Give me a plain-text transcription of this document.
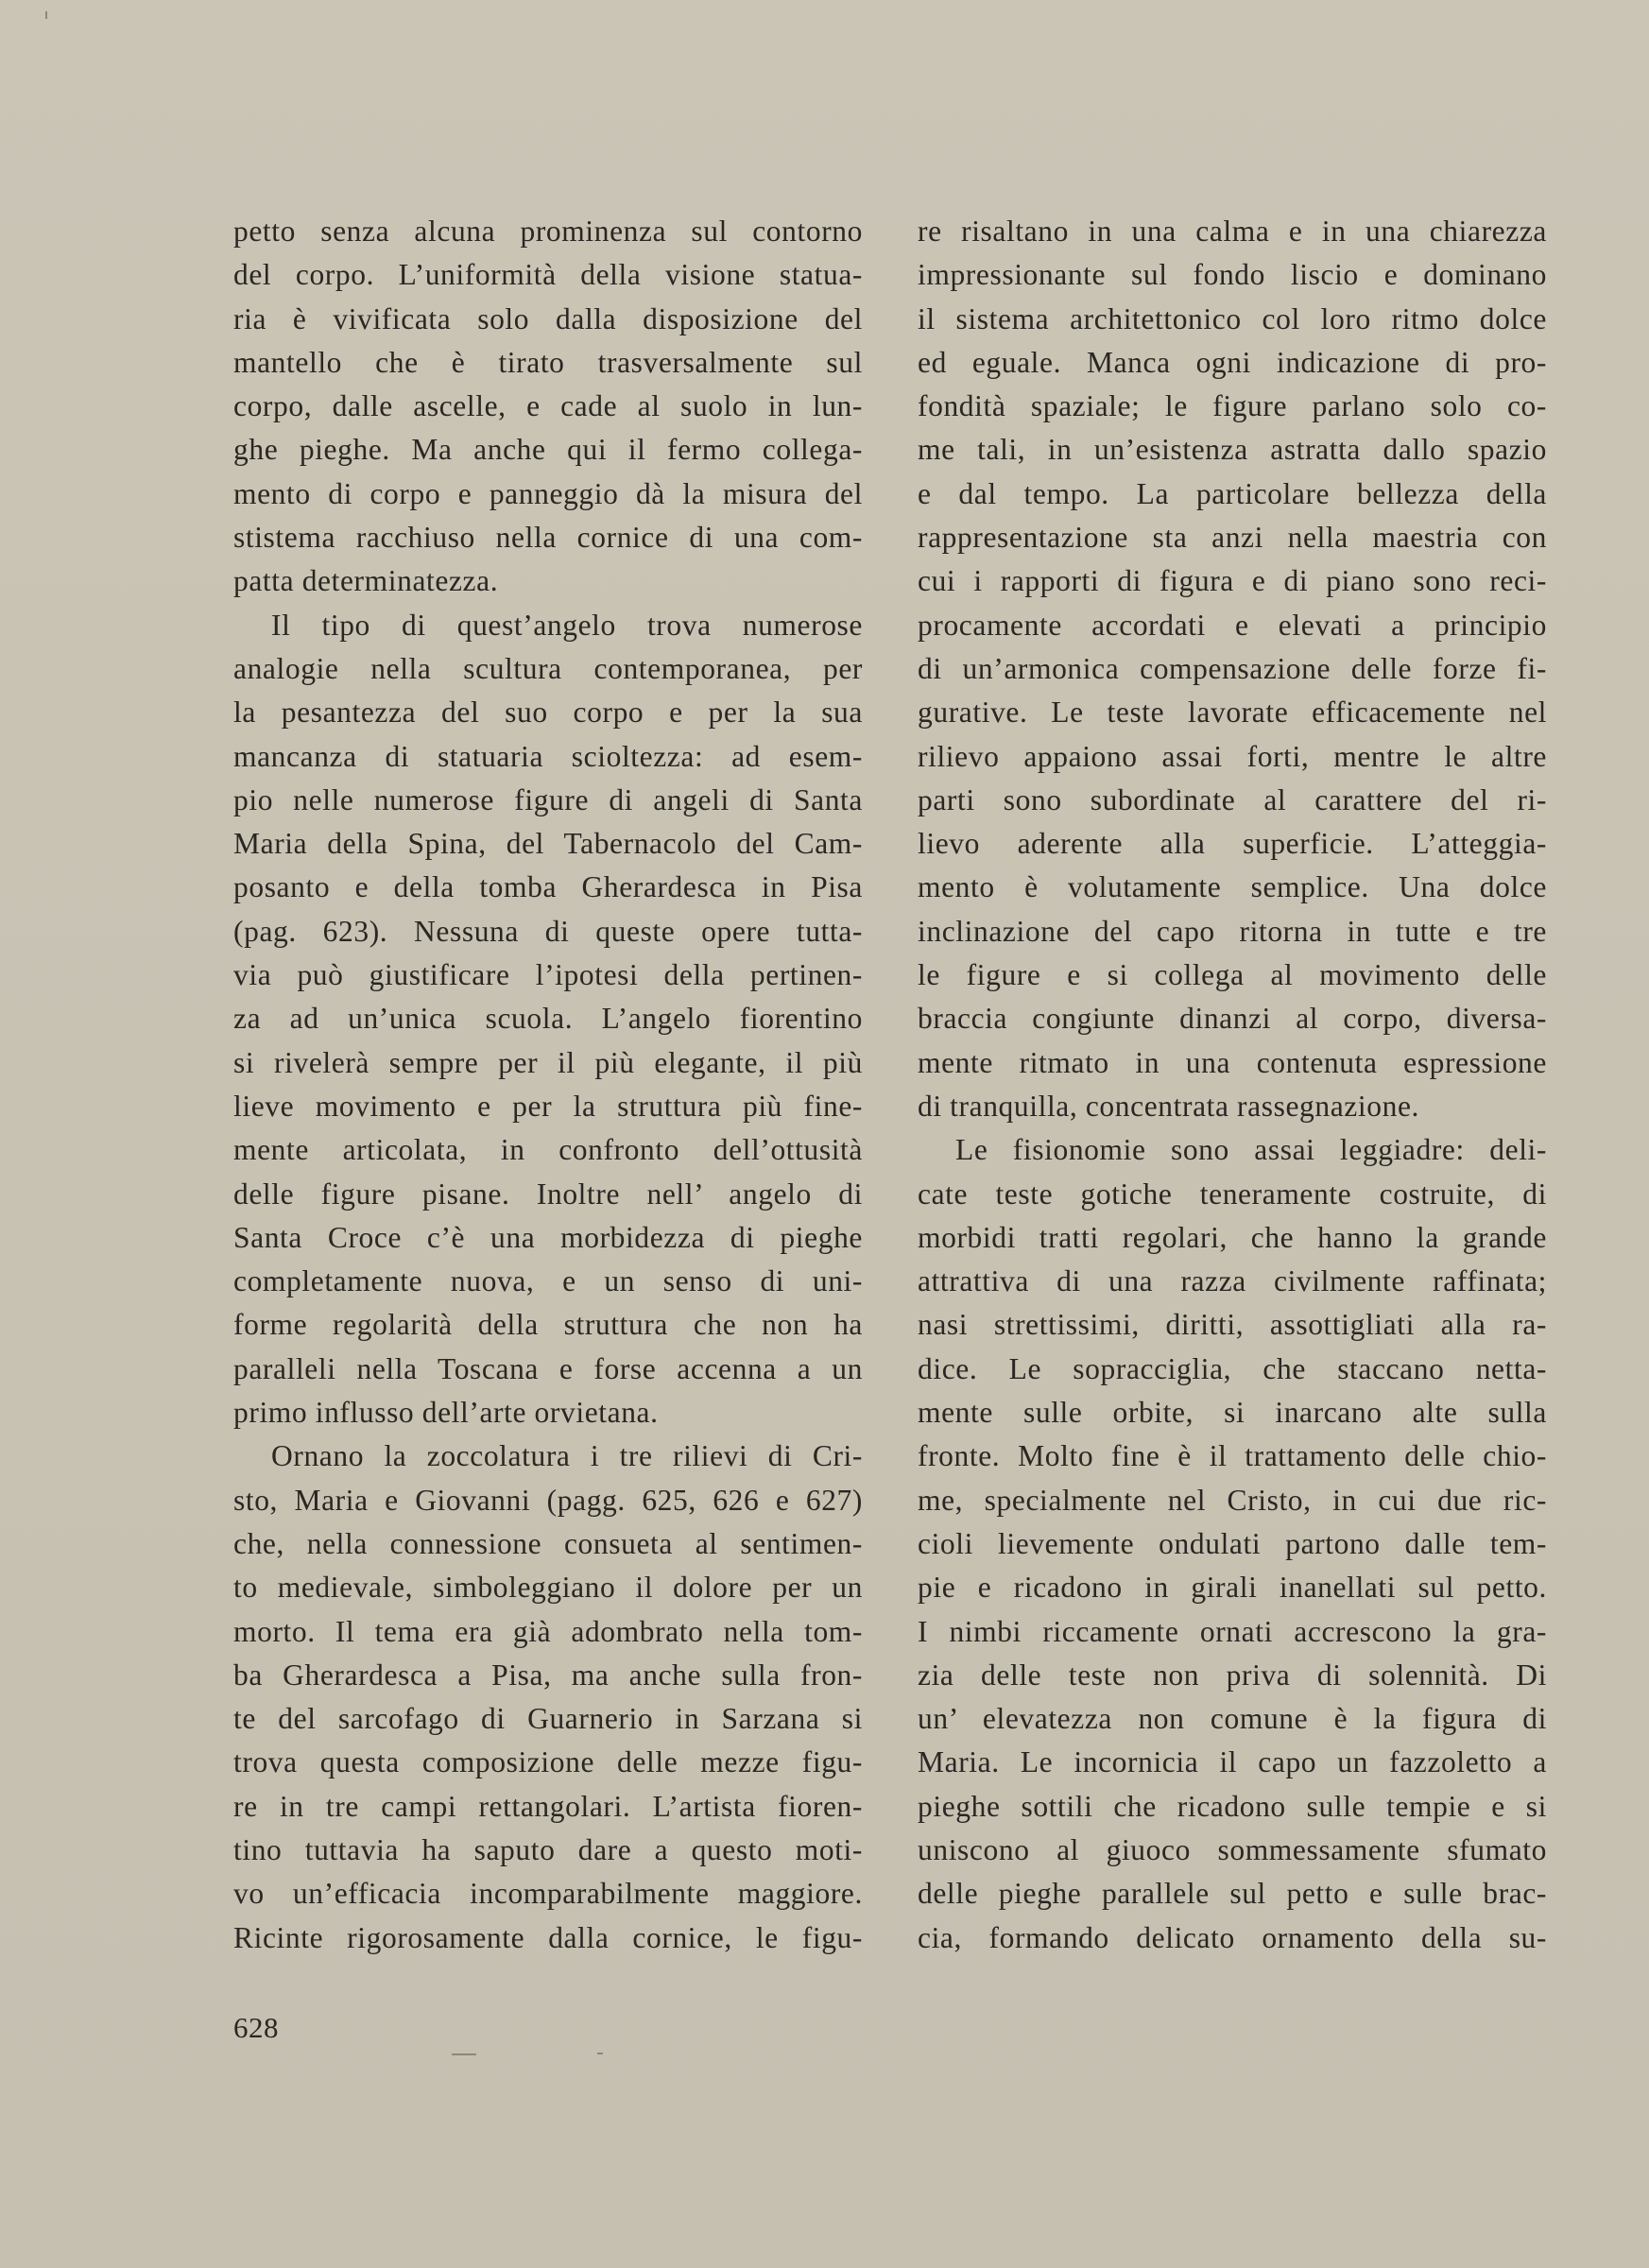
petto senza alcuna prominenza sul contorno
del corpo. L’uniformità della visione statua-
ria è vivificata solo dalla disposizione del
mantello che è tirato trasversalmente sul
corpo, dalle ascelle, e cade al suolo in lun-
ghe pieghe. Ma anche qui il fermo collega-
mento di corpo e panneggio dà la misura del
stistema racchiuso nella cornice di una com-
patta determinatezza.
Il tipo di quest’angelo trova numerose
analogie nella scultura contemporanea, per
la pesantezza del suo corpo e per la sua
mancanza di statuaria scioltezza: ad esem-
pio nelle numerose figure di angeli di Santa
Maria della Spina, del Tabernacolo del Cam-
posanto e della tomba Gherardesca in Pisa
(pag. 623). Nessuna di queste opere tutta-
via può giustificare l’ipotesi della pertinen-
za ad un’unica scuola. L’angelo fiorentino
si rivelerà sempre per il più elegante, il più
lieve movimento e per la struttura più fine-
mente articolata, in confronto dell’ottusità
delle figure pisane. Inoltre nell’ angelo di
Santa Croce c’è una morbidezza di pieghe
completamente nuova, e un senso di uni-
forme regolarità della struttura che non ha
paralleli nella Toscana e forse accenna a un
primo influsso dell’arte orvietana.
Ornano la zoccolatura i tre rilievi di Cri-
sto, Maria e Giovanni (pagg. 625, 626 e 627)
che, nella connessione consueta al sentimen-
to medievale, simboleggiano il dolore per un
morto. Il tema era già adombrato nella tom-
ba Gherardesca a Pisa, ma anche sulla fron-
te del sarcofago di Guarnerio in Sarzana si
trova questa composizione delle mezze figu-
re in tre campi rettangolari. L’artista fioren-
tino tuttavia ha saputo dare a questo moti-
vo un’efficacia incomparabilmente maggiore.
Ricinte rigorosamente dalla cornice, le figu-
re risaltano in una calma e in una chiarezza
impressionante sul fondo liscio e dominano
il sistema architettonico col loro ritmo dolce
ed eguale. Manca ogni indicazione di pro-
fondità spaziale; le figure parlano solo co-
me tali, in un’esistenza astratta dallo spazio
e dal tempo. La particolare bellezza della
rappresentazione sta anzi nella maestria con
cui i rapporti di figura e di piano sono reci-
procamente accordati e elevati a principio
di un’armonica compensazione delle forze fi-
gurative. Le teste lavorate efficacemente nel
rilievo appaiono assai forti, mentre le altre
parti sono subordinate al carattere del ri-
lievo aderente alla superficie. L’atteggia-
mento è volutamente semplice. Una dolce
inclinazione del capo ritorna in tutte e tre
le figure e si collega al movimento delle
braccia congiunte dinanzi al corpo, diversa-
mente ritmato in una contenuta espressione
di tranquilla, concentrata rassegnazione.
Le fisionomie sono assai leggiadre: deli-
cate teste gotiche teneramente costruite, di
morbidi tratti regolari, che hanno la grande
attrattiva di una razza civilmente raffinata;
nasi strettissimi, diritti, assottigliati alla ra-
dice. Le sopracciglia, che staccano netta-
mente sulle orbite, si inarcano alte sulla
fronte. Molto fine è il trattamento delle chio-
me, specialmente nel Cristo, in cui due ric-
cioli lievemente ondulati partono dalle tem-
pie e ricadono in girali inanellati sul petto.
I nimbi riccamente ornati accrescono la gra-
zia delle teste non priva di solennità. Di
un’ elevatezza non comune è la figura di
Maria. Le incornicia il capo un fazzoletto a
pieghe sottili che ricadono sulle tempie e si
uniscono al giuoco sommessamente sfumato
delle pieghe parallele sul petto e sulle brac-
cia, formando delicato ornamento della su-
628
